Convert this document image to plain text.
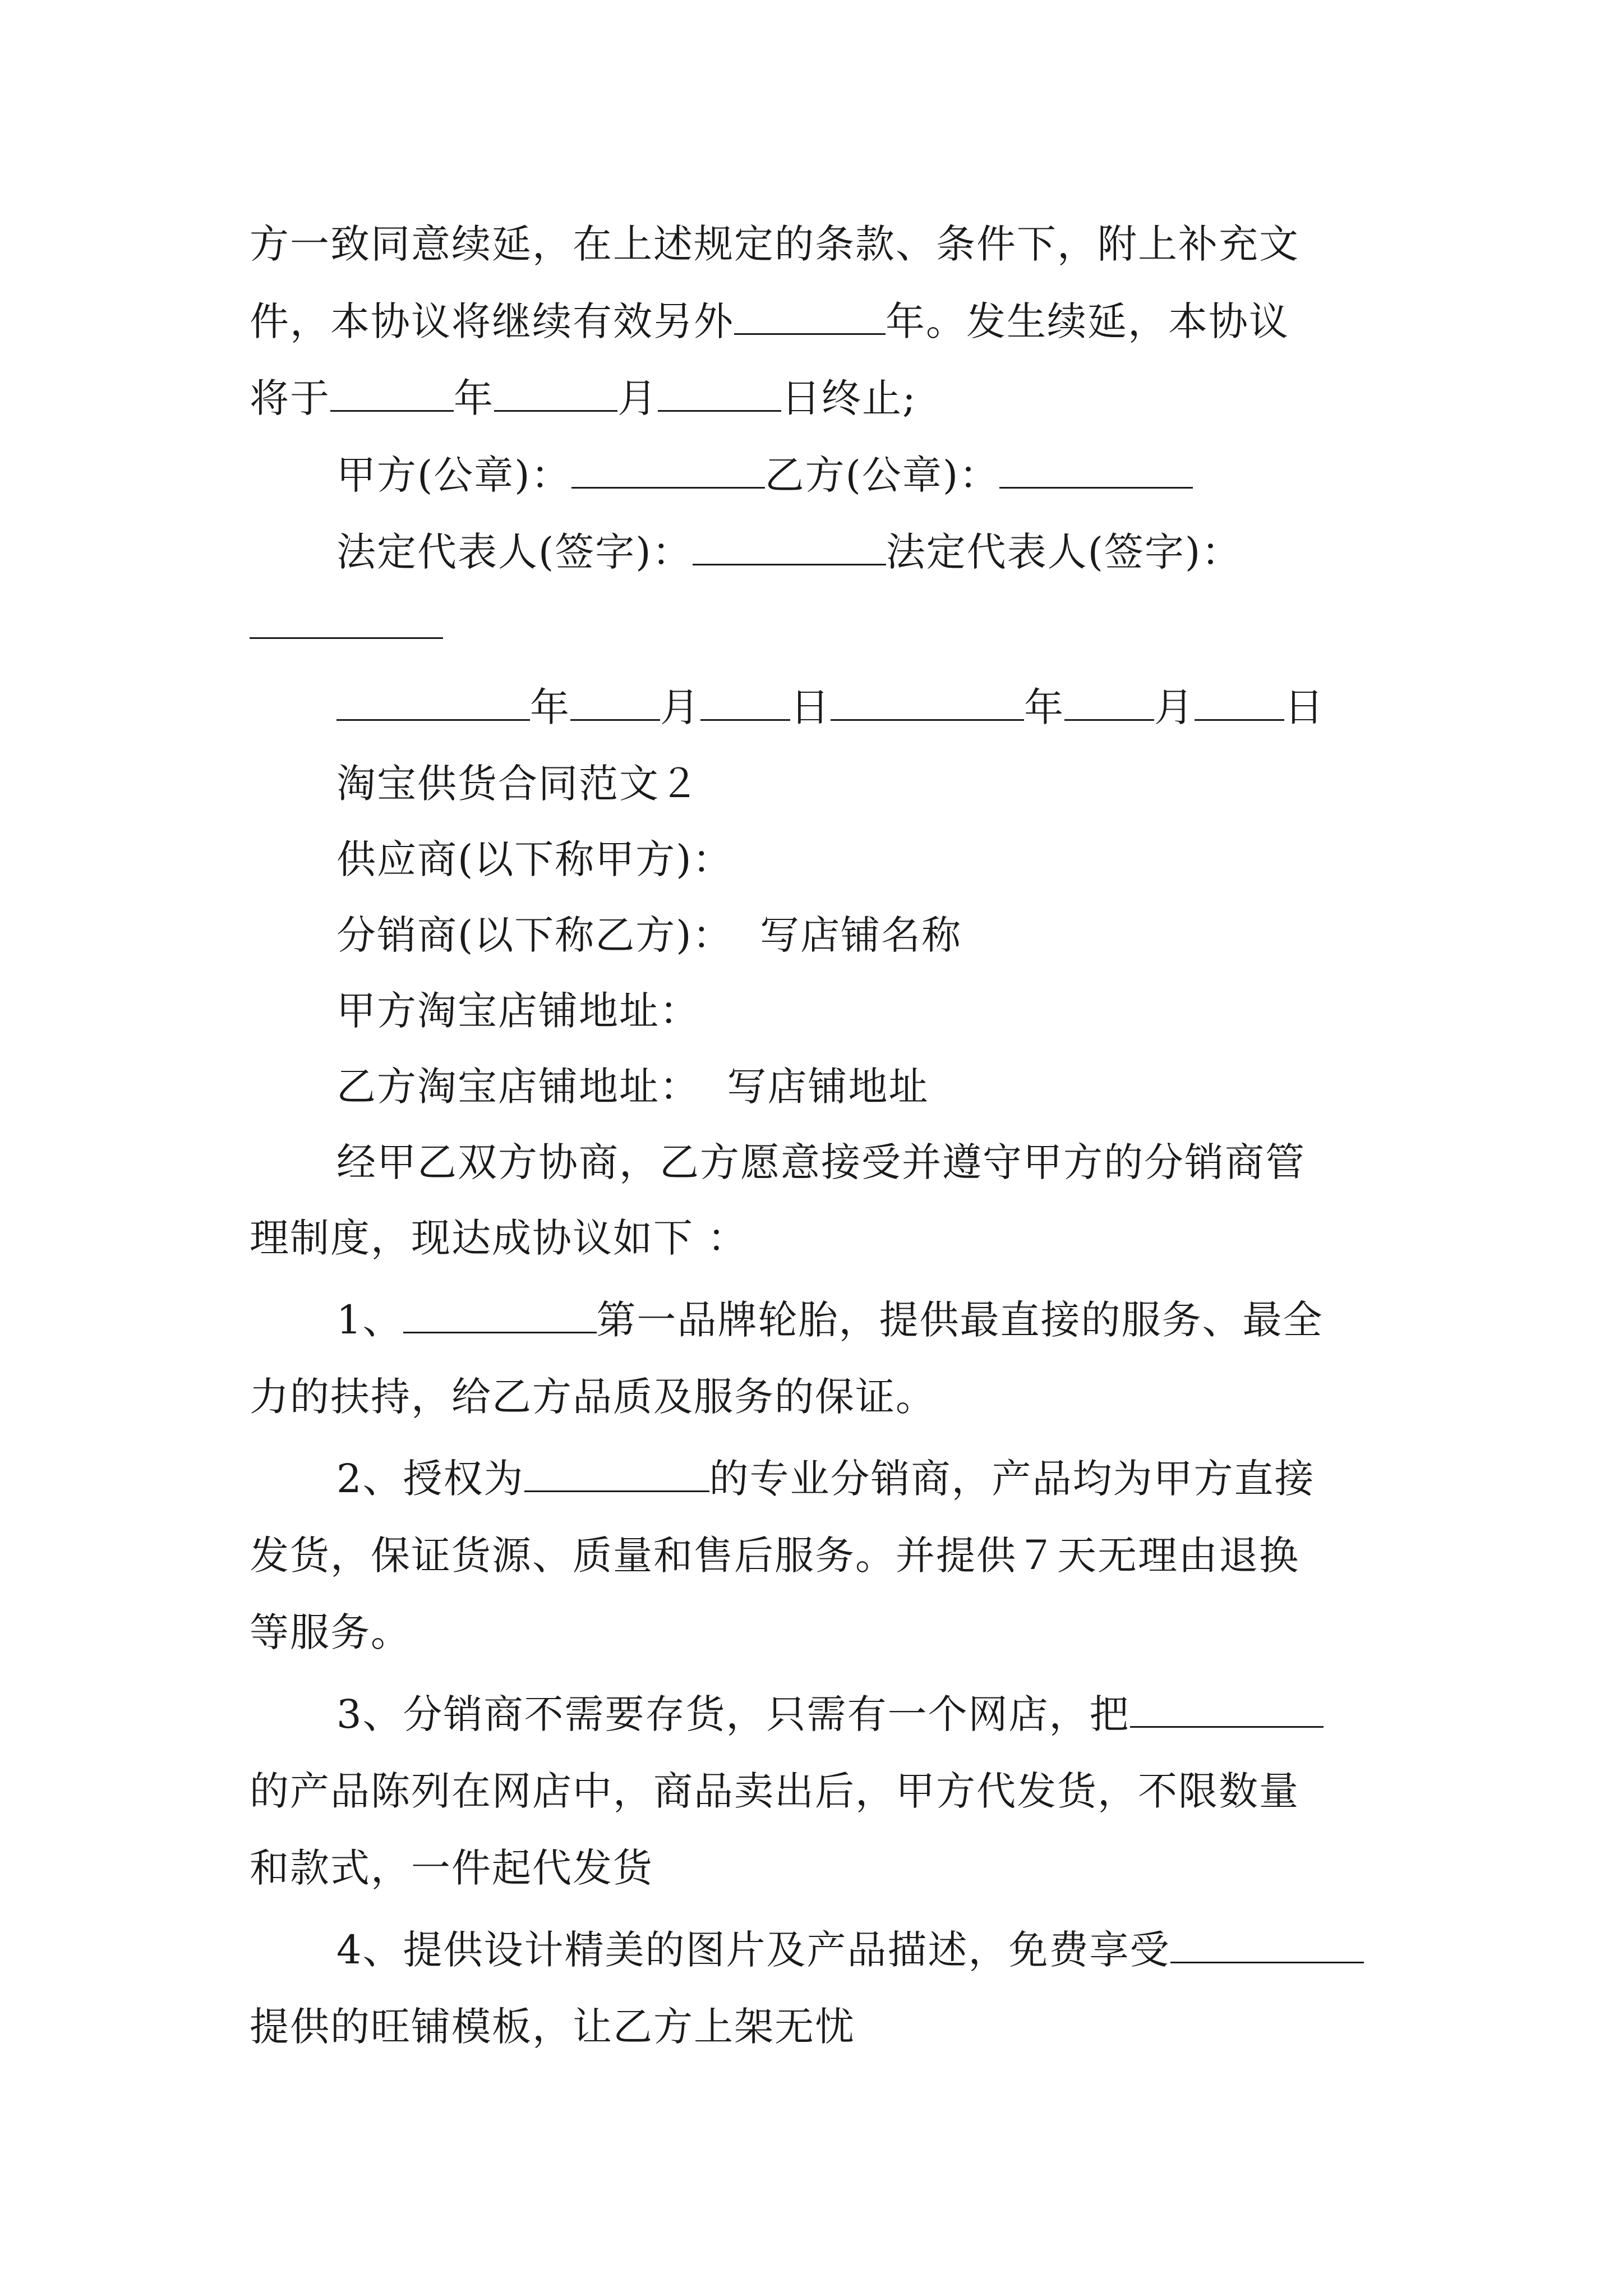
方一致同意续延，在上述规定的条款、条件下，附上补充文
件，本协议将继续有效另外	年。发生续延，本协议
将于	年	月	日终止;
甲方(公章)：	乙方(公章)：
法定代表人(签字)：	法定代表人(签字)：
年 月 日	年 月 日
淘宝供货合同范文２
供应商(以下称甲方)：
分销商(以下称乙方)：  写店铺名称
甲方淘宝店铺地址：
乙方淘宝店铺地址：  写店铺地址
经甲乙双方协商，乙方愿意接受并遵守甲方的分销商管
理制度，现达成协议如下 ：
1、	第一品牌轮胎，提供最直接的服务、最全
力的扶持，给乙方品质及服务的保证。
2、授权为	的专业分销商，产品均为甲方直接
发货，保证货源、质量和售后服务。并提供７天无理由退换
等服务。
3、分销商不需要存货，只需有一个网店，把
的产品陈列在网店中，商品卖出后，甲方代发货，不限数量
和款式，一件起代发货
4、提供设计精美的图片及产品描述，免费享受
提供的旺铺模板，让乙方上架无忧
